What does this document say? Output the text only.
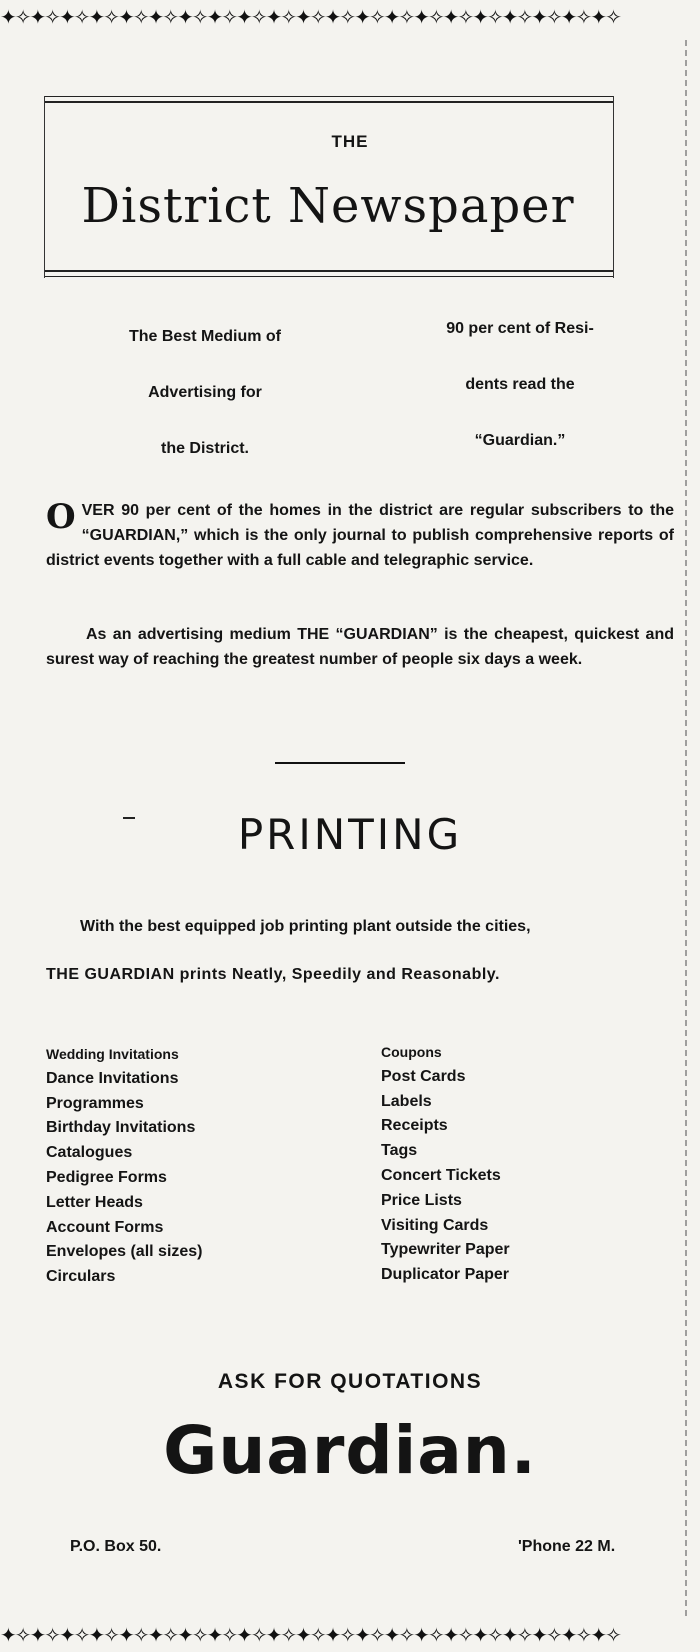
✦✧✦✧✦✧✦✧✦✧✦✧✦✧✦✧✦✧✦✧✦✧✦✧✦✧✦✧✦✧✦✧✦✧✦✧✦✧✦✧✦✧
THE
District Newspaper
The Best Medium of
Advertising for
the District.
90 per cent of Resi-
dents read the
“Guardian.”
OVER 90 per cent of the homes in the district are regular subscribers to the “GUARDIAN,” which is the only journal to publish comprehensive reports of district events together with a full cable and telegraphic service.
As an advertising medium THE “GUARDIAN” is the cheapest, quickest and surest way of reaching the greatest number of people six days a week.
PRINTING
With the best equipped job printing plant outside the cities,
THE GUARDIAN prints Neatly, Speedily and Reasonably.
Wedding Invitations
Dance Invitations
Programmes
Birthday Invitations
Catalogues
Pedigree Forms
Letter Heads
Account Forms
Envelopes (all sizes)
Circulars
Coupons
Post Cards
Labels
Receipts
Tags
Concert Tickets
Price Lists
Visiting Cards
Typewriter Paper
Duplicator Paper
ASK FOR QUOTATIONS
Guardian.
P.O. Box 50.	'Phone 22 M.
✦✧✦✧✦✧✦✧✦✧✦✧✦✧✦✧✦✧✦✧✦✧✦✧✦✧✦✧✦✧✦✧✦✧✦✧✦✧✦✧✦✧
